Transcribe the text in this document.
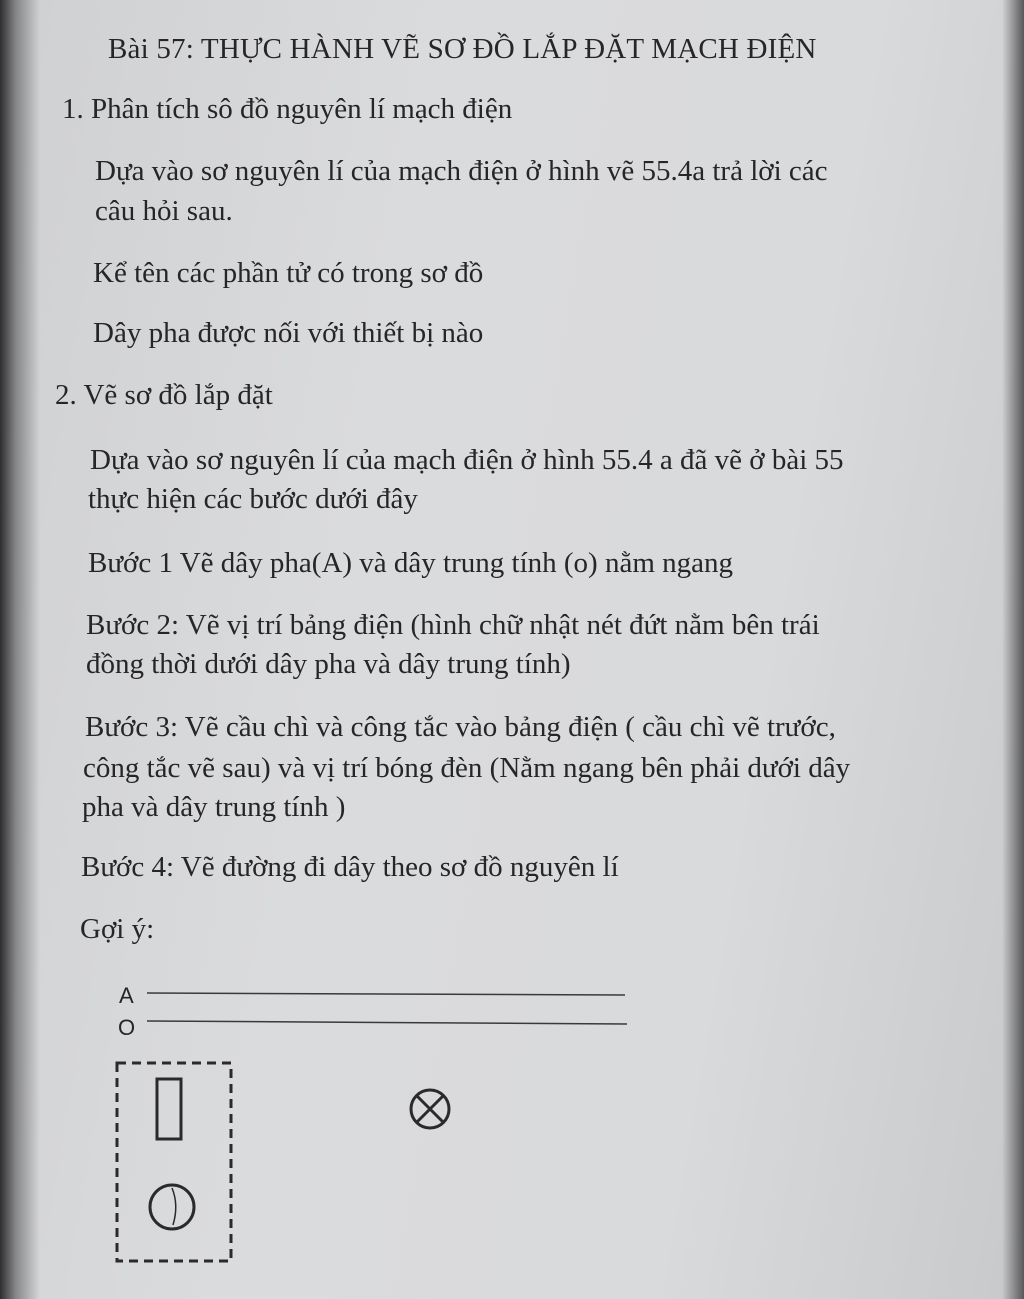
Bài 57: THỰC HÀNH VẼ SƠ ĐỒ LẮP ĐẶT MẠCH ĐIỆN
1. Phân tích sô đồ nguyên lí mạch điện
Dựa vào sơ nguyên lí của mạch điện ở hình vẽ 55.4a trả lời các
câu hỏi sau.
Kể tên các phần tử có trong sơ đồ
Dây pha được nối với thiết bị nào
2. Vẽ sơ đồ lắp đặt
Dựa vào sơ nguyên lí của mạch điện ở hình 55.4 a đã vẽ ở bài 55
thực hiện các bước dưới đây
Bước 1 Vẽ dây pha(A) và dây trung tính (o) nằm ngang
Bước 2: Vẽ vị trí bảng điện (hình chữ nhật nét đứt nằm bên trái
đồng thời dưới dây pha và dây trung tính)
Bước 3: Vẽ cầu chì và công tắc vào bảng điện ( cầu chì vẽ trước,
công tắc vẽ sau) và vị trí bóng đèn (Nằm ngang bên phải dưới dây
pha và dây trung tính )
Bước 4: Vẽ đường đi dây theo sơ đồ nguyên lí
Gợi ý:
A
O
